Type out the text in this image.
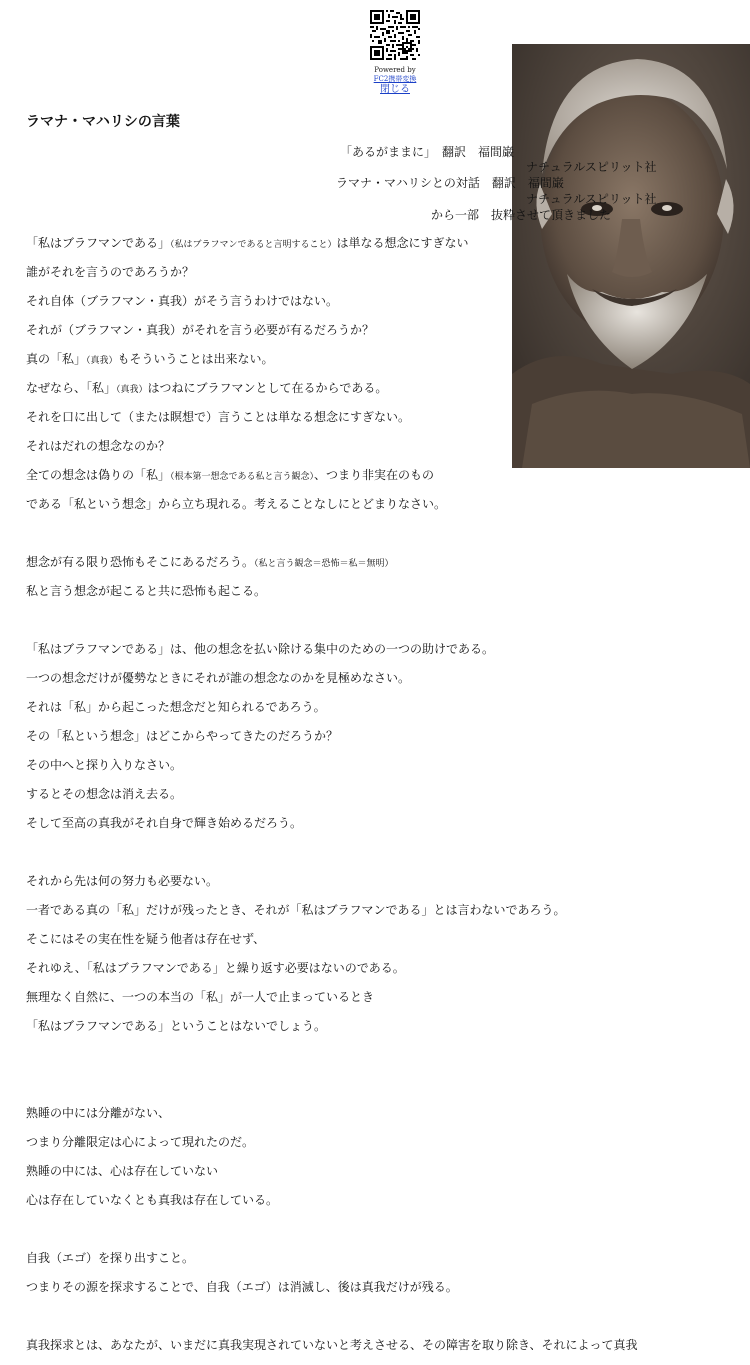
Powered by
FC2携帯変換
閉じる
ラマナ・マハリシの言葉
「あるがままに」　翻訳　福間巌
ナチュラルスピリット社
ラマナ・マハリシとの対話　翻訳　福間巌
ナチュラルスピリット社
から一部　抜粋させて頂きました
「私はブラフマンである」（私はブラフマンであると言明すること）は単なる想念にすぎない
誰がそれを言うのであろうか？
それ自体（ブラフマン・真我）がそう言うわけではない。
それが（ブラフマン・真我）がそれを言う必要が有るだろうか？
真の「私」（真我）もそういうことは出来ない。
なぜなら、「私」（真我）はつねにブラフマンとして在るからである。
それを口に出して（または瞑想で）言うことは単なる想念にすぎない。
それはだれの想念なのか？
全ての想念は偽りの「私」（根本第一想念である私と言う観念）、つまり非実在のもの
である「私という想念」から立ち現れる。考えることなしにとどまりなさい。
想念が有る限り恐怖もそこにあるだろう。（私と言う観念＝恐怖＝私＝無明）
私と言う想念が起こると共に恐怖も起こる。
「私はブラフマンである」は、他の想念を払い除ける集中のための一つの助けである。
一つの想念だけが優勢なときにそれが誰の想念なのかを見極めなさい。
それは「私」から起こった想念だと知られるであろう。
その「私という想念」はどこからやってきたのだろうか？
その中へと探り入りなさい。
するとその想念は消え去る。
そして至高の真我がそれ自身で輝き始めるだろう。
それから先は何の努力も必要ない。
一者である真の「私」だけが残ったとき、それが「私はブラフマンである」とは言わないであろう。
そこにはその実在性を疑う他者は存在せず、
それゆえ、「私はブラフマンである」と繰り返す必要はないのである。
無理なく自然に、一つの本当の「私」が一人で止まっているとき
「私はブラフマンである」ということはないでしょう。
熟睡の中には分離がない、
つまり分離限定は心によって現れたのだ。
熟睡の中には、心は存在していない
心は存在していなくとも真我は存在している。
自我（エゴ）を探り出すこと。
つまりその源を探求することで、自我（エゴ）は消滅し、後は真我だけが残る。
真我探求とは、あなたが、いまだに真我実現されていないと考えさせる、その障害を取り除き、それによって真我
